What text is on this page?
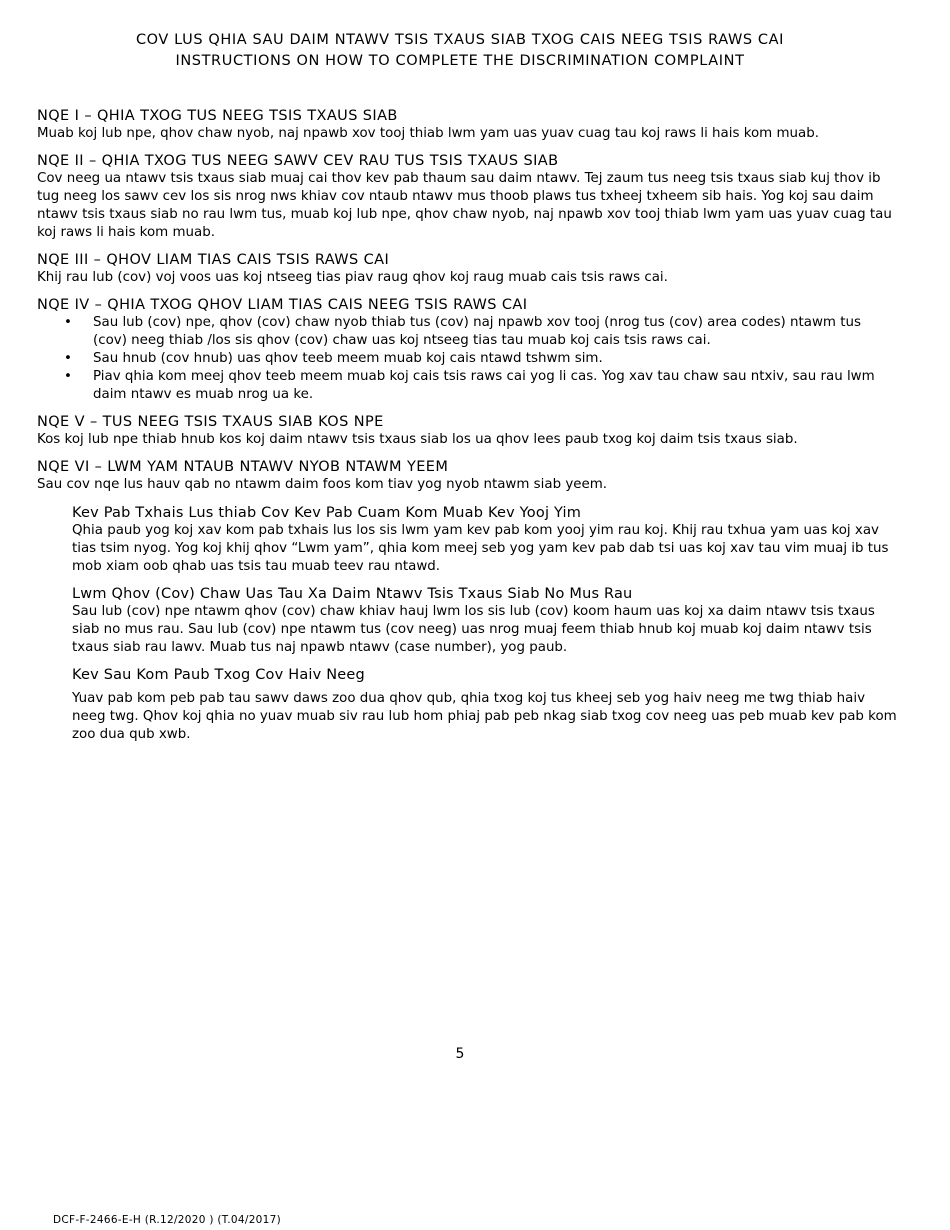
COV LUS QHIA SAU DAIM NTAWV TSIS TXAUS SIAB TXOG CAIS NEEG TSIS RAWS CAI
INSTRUCTIONS ON HOW TO COMPLETE THE DISCRIMINATION COMPLAINT
NQE I – QHIA TXOG TUS NEEG TSIS TXAUS SIAB
Muab koj lub npe, qhov chaw nyob, naj npawb xov tooj thiab lwm yam uas yuav cuag tau koj raws li hais kom muab.
NQE II – QHIA TXOG TUS NEEG SAWV CEV RAU TUS TSIS TXAUS SIAB
Cov neeg ua ntawv tsis txaus siab muaj cai thov kev pab thaum sau daim ntawv. Tej zaum tus neeg tsis txaus siab kuj thov ib tug neeg los sawv cev los sis nrog nws khiav cov ntaub ntawv mus thoob plaws tus txheej txheem sib hais. Yog koj sau daim ntawv tsis txaus siab no rau lwm tus, muab koj lub npe, qhov chaw nyob, naj npawb xov tooj thiab lwm yam uas yuav cuag tau koj raws li hais kom muab.
NQE III – QHOV LIAM TIAS CAIS TSIS RAWS CAI
Khij rau lub (cov) voj voos uas koj ntseeg tias piav raug qhov koj raug muab cais tsis raws cai.
NQE IV – QHIA TXOG QHOV LIAM TIAS CAIS NEEG TSIS RAWS CAI
• Sau lub (cov) npe, qhov (cov) chaw nyob thiab tus (cov) naj npawb xov tooj (nrog tus (cov) area codes) ntawm tus (cov) neeg thiab /los sis qhov (cov) chaw uas koj ntseeg tias tau muab koj cais tsis raws cai.
• Sau hnub (cov hnub) uas qhov teeb meem muab koj cais ntawd tshwm sim.
• Piav qhia kom meej qhov teeb meem muab koj cais tsis raws cai yog li cas. Yog xav tau chaw sau ntxiv, sau rau lwm daim ntawv es muab nrog ua ke.
NQE V – TUS NEEG TSIS TXAUS SIAB KOS NPE
Kos koj lub npe thiab hnub kos koj daim ntawv tsis txaus siab los ua qhov lees paub txog koj daim tsis txaus siab.
NQE VI – LWM YAM NTAUB NTAWV NYOB NTAWM YEEM
Sau cov nqe lus hauv qab no ntawm daim foos kom tiav yog nyob ntawm siab yeem.
Kev Pab Txhais Lus thiab Cov Kev Pab Cuam Kom Muab Kev Yooj Yim
Qhia paub yog koj xav kom pab txhais lus los sis lwm yam kev pab kom yooj yim rau koj. Khij rau txhua yam uas koj xav tias tsim nyog. Yog koj khij qhov “Lwm yam”, qhia kom meej seb yog yam kev pab dab tsi uas koj xav tau vim muaj ib tus mob xiam oob qhab uas tsis tau muab teev rau ntawd.
Lwm Qhov (Cov) Chaw Uas Tau Xa Daim Ntawv Tsis Txaus Siab No Mus Rau
Sau lub (cov) npe ntawm qhov (cov) chaw khiav hauj lwm los sis lub (cov) koom haum uas koj xa daim ntawv tsis txaus siab no mus rau. Sau lub (cov) npe ntawm tus (cov neeg) uas nrog muaj feem thiab hnub koj muab koj daim ntawv tsis txaus siab rau lawv. Muab tus naj npawb ntawv (case number), yog paub.
Kev Sau Kom Paub Txog Cov Haiv Neeg
Yuav pab kom peb pab tau sawv daws zoo dua qhov qub, qhia txog koj tus kheej seb yog haiv neeg me twg thiab haiv neeg twg. Qhov koj qhia no yuav muab siv rau lub hom phiaj pab peb nkag siab txog cov neeg uas peb muab kev pab kom zoo dua qub xwb.
5
DCF-F-2466-E-H (R.12/2020 ) (T.04/2017)
